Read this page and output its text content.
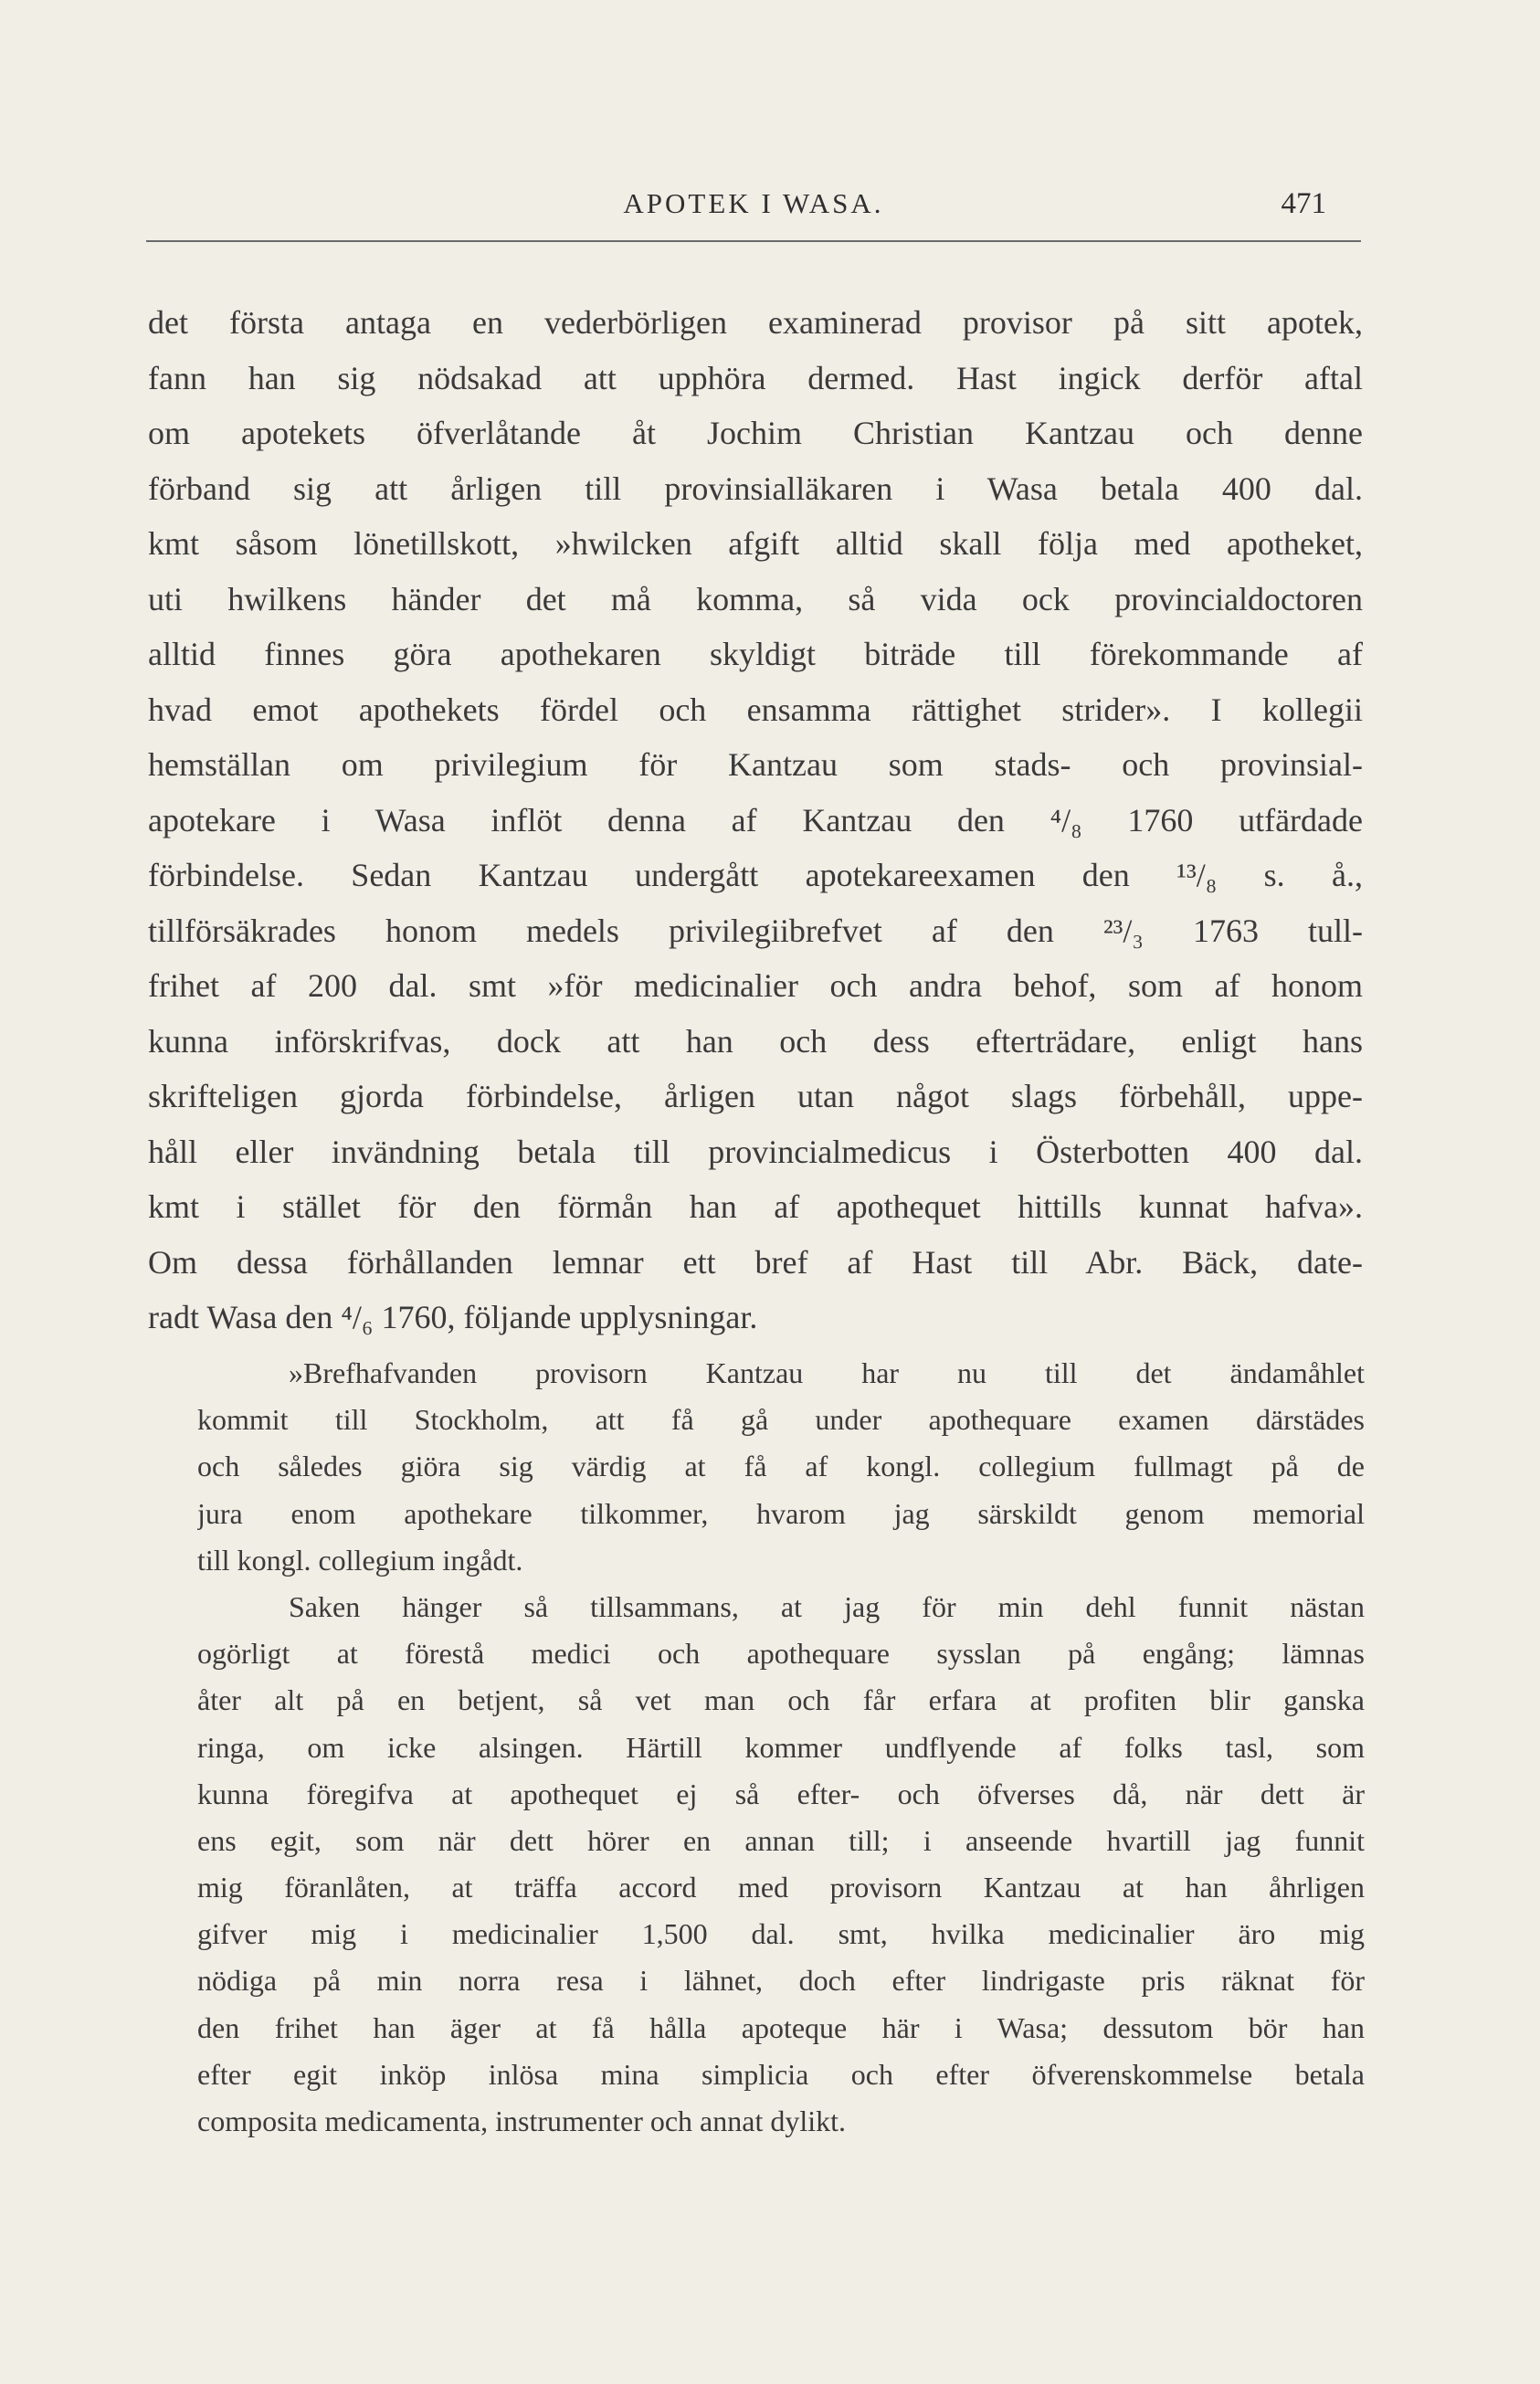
APOTEK I WASA.	471
det första antaga en vederbörligen examinerad provisor på sitt apotek,
fann han sig nödsakad att upphöra dermed. Hast ingick derför aftal
om apotekets öfverlåtande åt Jochim Christian Kantzau och denne
förband sig att årligen till provinsialläkaren i Wasa betala 400 dal.
kmt såsom lönetillskott, »hwilcken afgift alltid skall följa med apotheket,
uti hwilkens händer det må komma, så vida ock provincialdoctoren
alltid finnes göra apothekaren skyldigt biträde till förekommande af
hvad emot apothekets fördel och ensamma rättighet strider». I kollegii
hemställan om privilegium för Kantzau som stads- och provinsial-
apotekare i Wasa inflöt denna af Kantzau den ⁴/₈ 1760 utfärdade
förbindelse. Sedan Kantzau undergått apotekareexamen den ¹³/₈ s. å.,
tillförsäkrades honom medels privilegiibrefvet af den ²³/₃ 1763 tull-
frihet af 200 dal. smt »för medicinalier och andra behof, som af honom
kunna införskrifvas, dock att han och dess efterträdare, enligt hans
skrifteligen gjorda förbindelse, årligen utan något slags förbehåll, uppe-
håll eller invändning betala till provincialmedicus i Österbotten 400 dal.
kmt i stället för den förmån han af apothequet hittills kunnat hafva».
Om dessa förhållanden lemnar ett bref af Hast till Abr. Bäck, date-
radt Wasa den ⁴/₆ 1760, följande upplysningar.
»Brefhafvanden provisorn Kantzau har nu till det ändamåhlet
kommit till Stockholm, att få gå under apothequare examen därstädes
och således giöra sig värdig at få af kongl. collegium fullmagt på de
jura enom apothekare tilkommer, hvarom jag särskildt genom memorial
till kongl. collegium ingådt.
Saken hänger så tillsammans, at jag för min dehl funnit nästan
ogörligt at förestå medici och apothequare sysslan på engång; lämnas
åter alt på en betjent, så vet man och får erfara at profiten blir ganska
ringa, om icke alsingen. Härtill kommer undflyende af folks tasl, som
kunna föregifva at apothequet ej så efter- och öfverses då, när dett är
ens egit, som när dett hörer en annan till; i anseende hvartill jag funnit
mig föranlåten, at träffa accord med provisorn Kantzau at han åhrligen
gifver mig i medicinalier 1,500 dal. smt, hvilka medicinalier äro mig
nödiga på min norra resa i lähnet, doch efter lindrigaste pris räknat för
den frihet han äger at få hålla apoteque här i Wasa; dessutom bör han
efter egit inköp inlösa mina simplicia och efter öfverenskommelse betala
composita medicamenta, instrumenter och annat dylikt.
